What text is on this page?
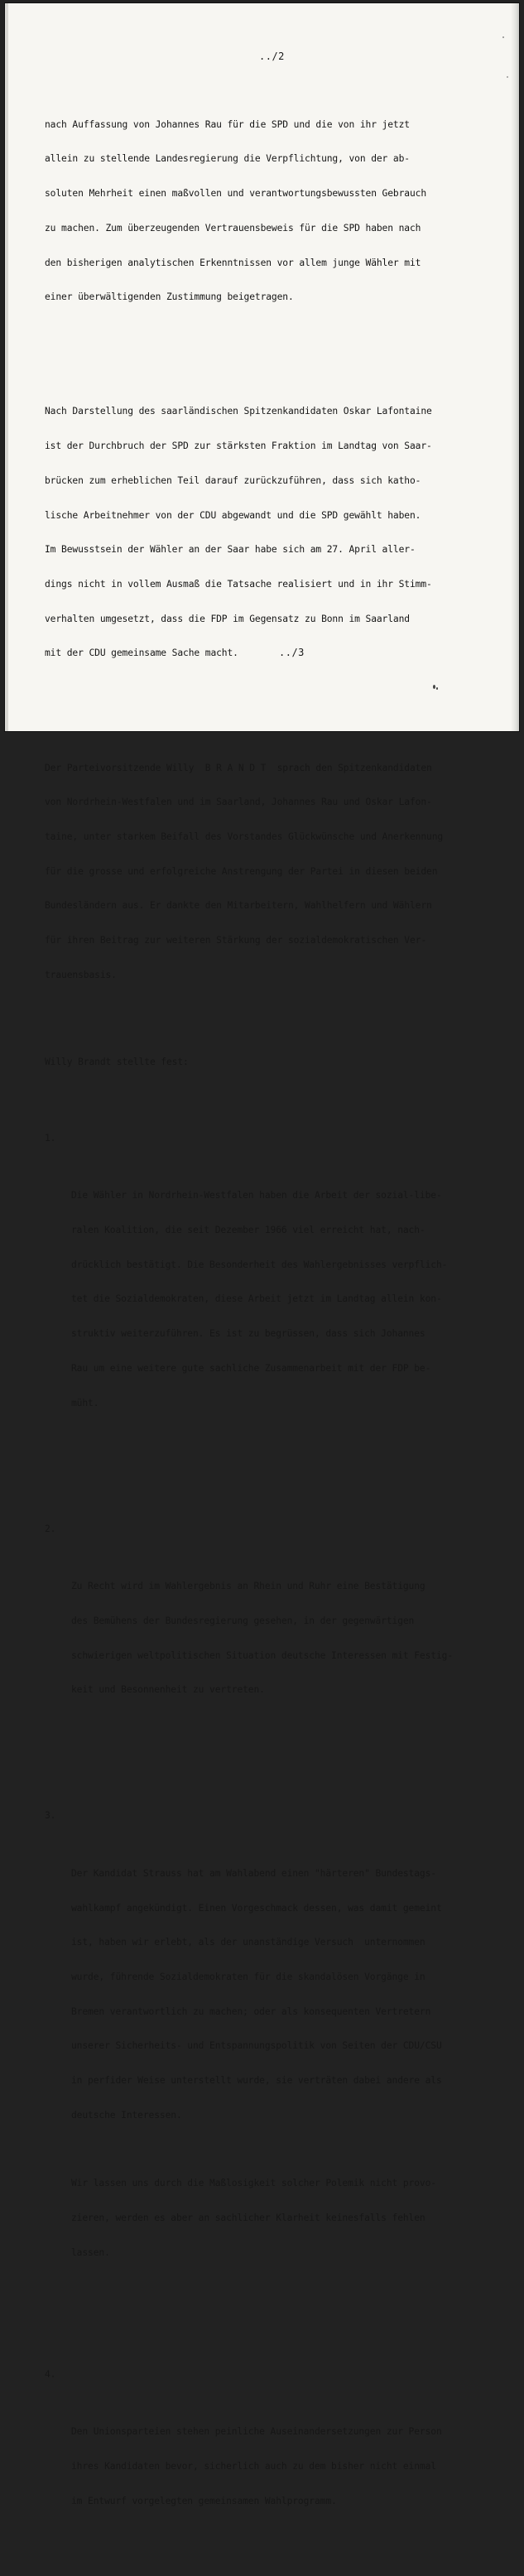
../2

nach Auffassung von Johannes Rau für die SPD und die von ihr jetzt

allein zu stellende Landesregierung die Verpflichtung, von der ab-

soluten Mehrheit einen maßvollen und verantwortungsbewussten Gebrauch

zu machen. Zum überzeugenden Vertrauensbeweis für die SPD haben nach

den bisherigen analytischen Erkenntnissen vor allem junge Wähler mit

einer überwältigenden Zustimmung beigetragen.

Nach Darstellung des saarländischen Spitzenkandidaten Oskar Lafontaine

ist der Durchbruch der SPD zur stärksten Fraktion im Landtag von Saar-

brücken zum erheblichen Teil darauf zurückzuführen, dass sich katho-

lische Arbeitnehmer von der CDU abgewandt und die SPD gewählt haben.

Im Bewusstsein der Wähler an der Saar habe sich am 27. April aller-

dings nicht in vollem Ausmaß die Tatsache realisiert und in ihr Stimm-

verhalten umgesetzt, dass die FDP im Gegensatz zu Bonn im Saarland

mit der CDU gemeinsame Sache macht.

Der Parteivorsitzende Willy  B R A N D T  sprach den Spitzenkandidaten

von Nordrhein-Westfalen und im Saarland, Johannes Rau und Oskar Lafon-

taine, unter starkem Beifall des Vorstandes Glückwünsche und Anerkennung

für die grosse und erfolgreiche Anstrengung der Partei in diesen beiden

Bundesländern aus. Er dankte den Mitarbeitern, Wahlhelfern und Wählern

für ihren Beitrag zur weiteren Stärkung der sozialdemokratischen Ver-

trauensbasis.

Willy Brandt stellte fest:

1.

Die Wähler in Nordrhein-Westfalen haben die Arbeit der sozial-libe-

ralen Koalition, die seit Dezember 1966 viel erreicht hat, nach-

drücklich bestätigt. Die Besonderheit des Wahlergebnisses verpflich-

tet die Sozialdemokraten, diese Arbeit jetzt im Landtag allein kon-

struktiv weiterzuführen. Es ist zu begrüssen, dass sich Johannes

Rau um eine weitere gute sachliche Zusammenarbeit mit der FDP be-

müht.

2.

Zu Recht wird im Wahlergebnis an Rhein und Ruhr eine Bestätigung

des Bemühens der Bundesregierung gesehen, in der gegenwärtigen

schwierigen weltpolitischen Situation deutsche Interessen mit Festig-

keit und Besonnenheit zu vertreten.

3.

Der Kandidat Strauss hat am Wahlabend einen "härteren" Bundestags-

wahlkampf angekündigt. Einen Vorgeschmack dessen, was damit gemeint

ist, haben wir erlebt, als der unanständige Versuch  unternommen

wurde, führende Sozialdemokraten für die skandalösen Vorgänge in

Bremen verantwortlich zu machen; oder als konsequenten Vertretern

unserer Sicherheits- und Entspannungspolitik von Seiten der CDU/CSU

in perfider Weise unterstellt wurde, sie verträten dabei andere als

deutsche Interessen.

Wir lassen uns durch die Maßlosigkeit solcher Polemik nicht provo-

zieren, werden es aber an sachlicher Klarheit keinesfalls fehlen

lassen.

4.

Den Unionsparteien stehen peinliche Auseinandersetzungen zur Person

ihres Kandidaten bevor, sicherlich auch zu dem bisher nicht einmal

im Entwurf vorgelegten gemeinsamen Wahlprogramm.

../3
